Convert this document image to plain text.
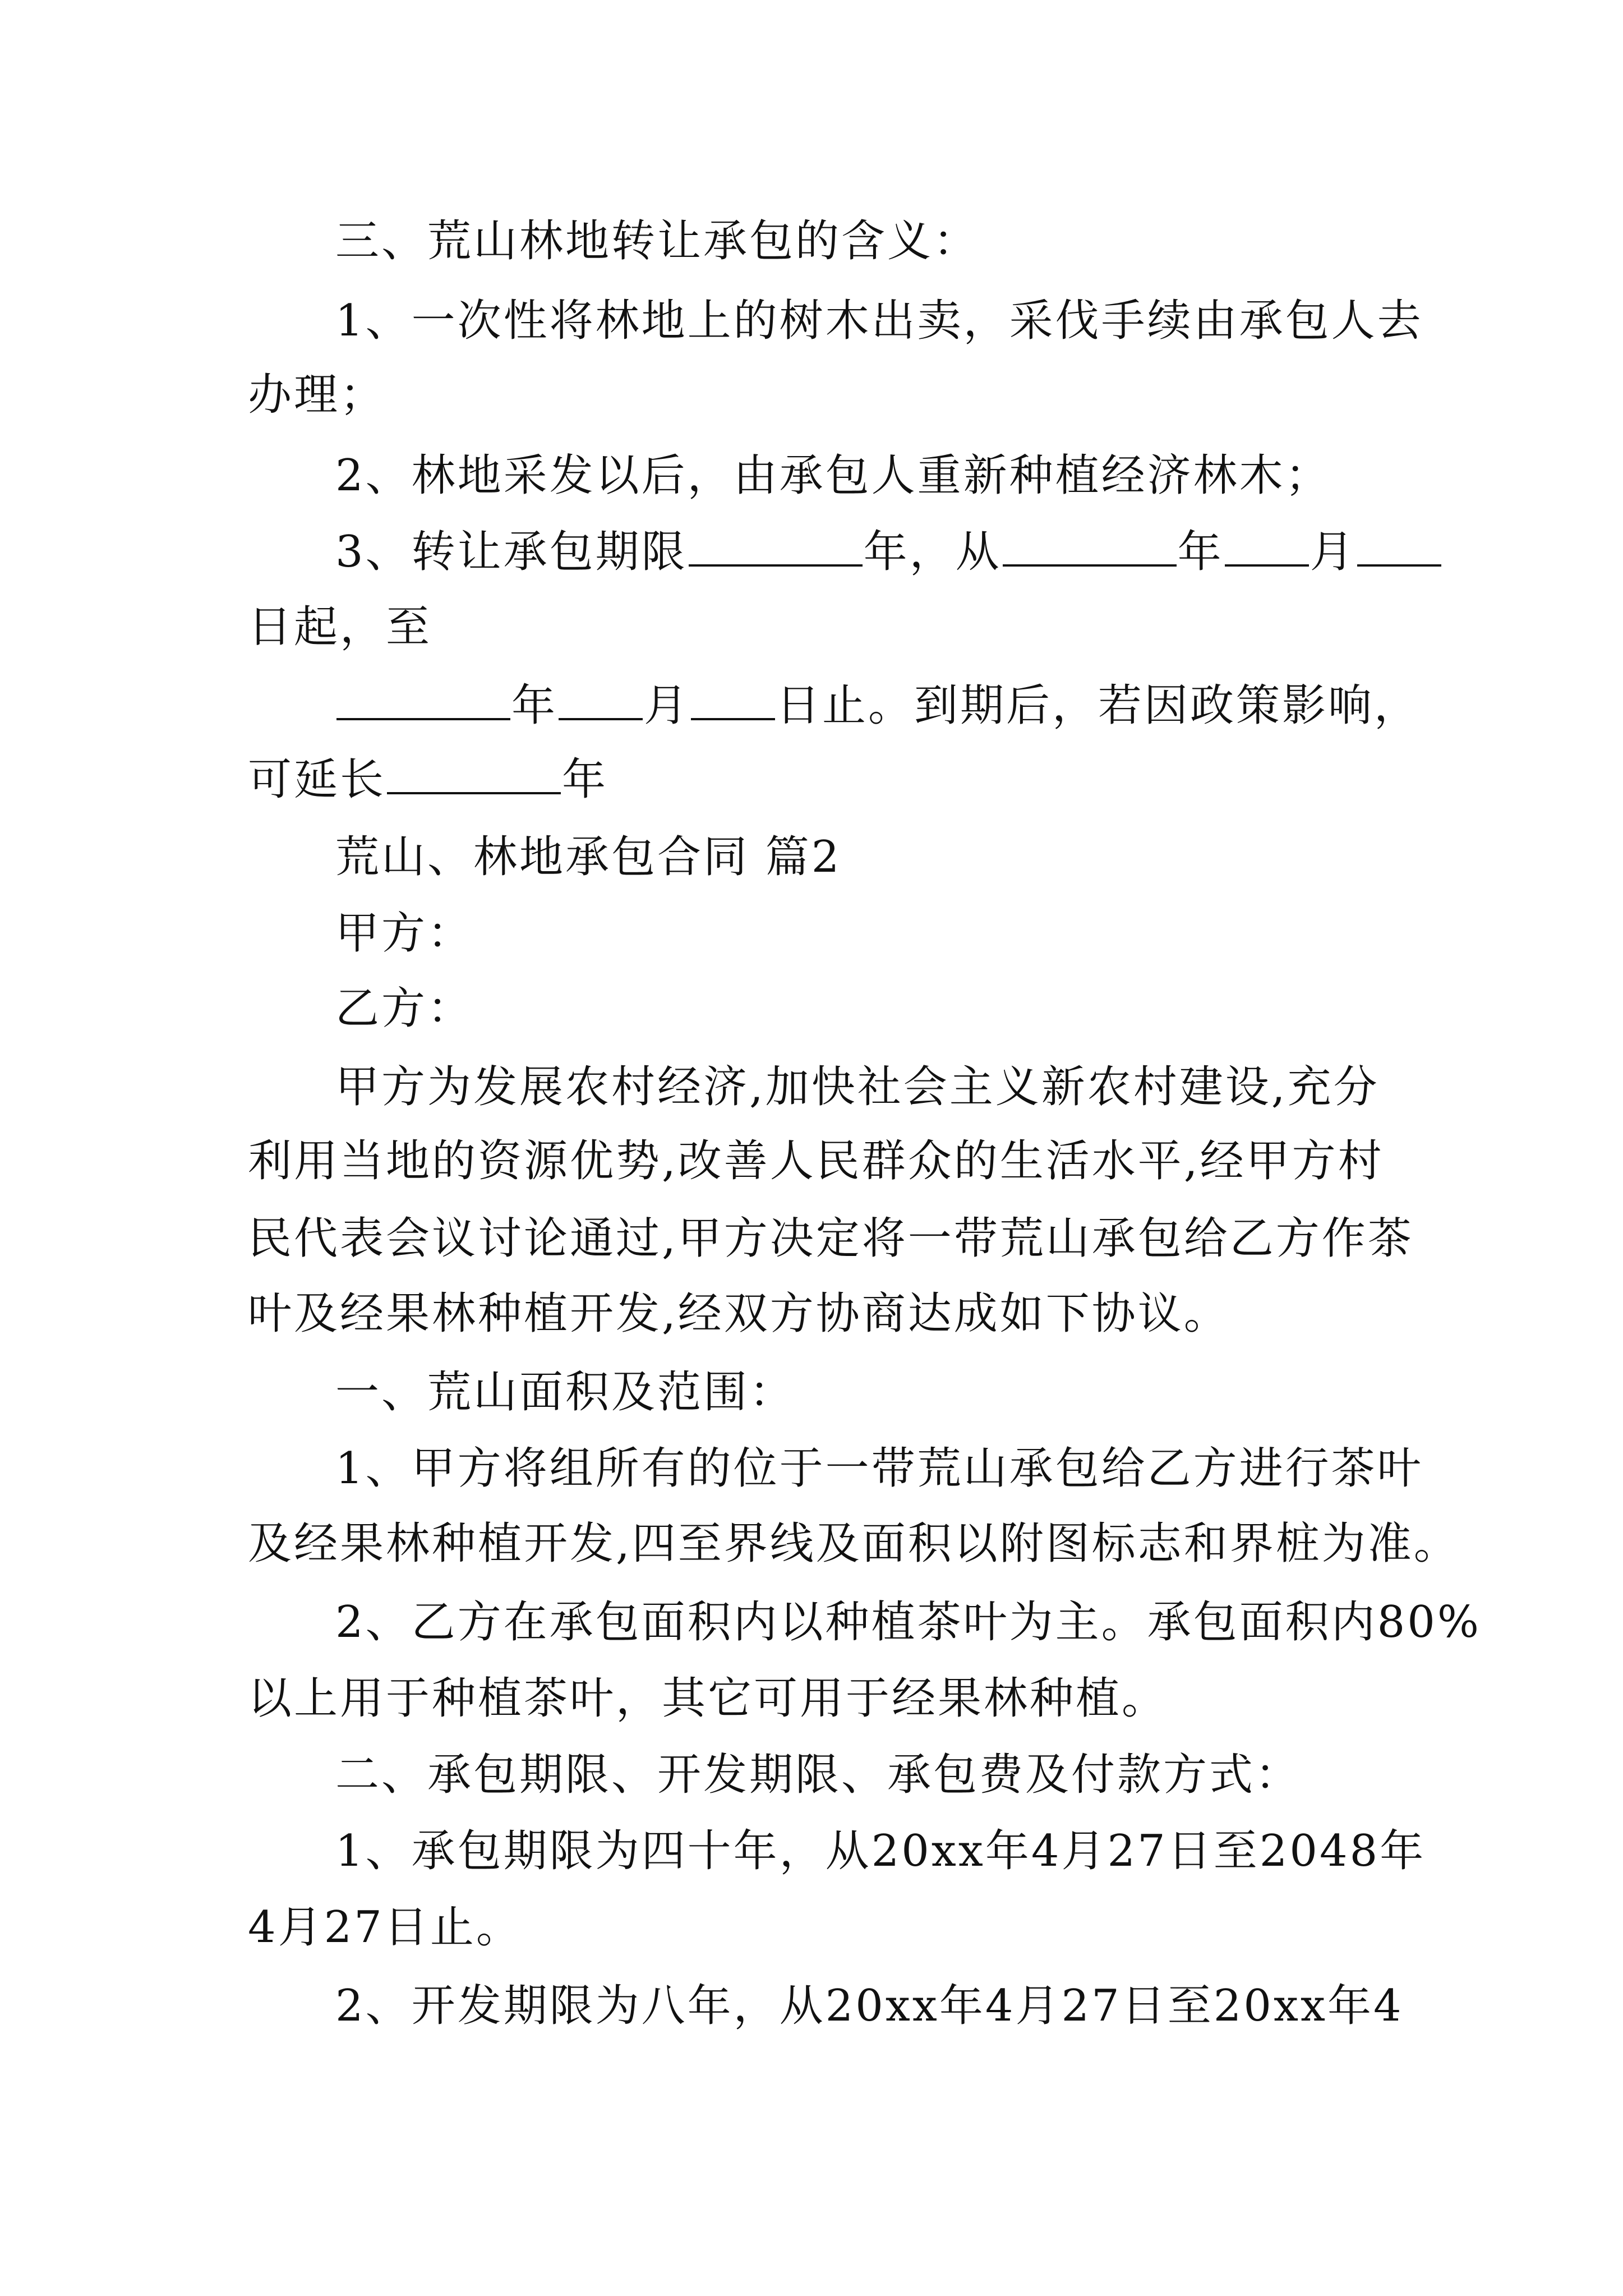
三、荒山林地转让承包的含义：
1、一次性将林地上的树木出卖，采伐手续由承包人去
办理；
2、林地采发以后，由承包人重新种植经济林木；
3、转让承包期限	年，从	年 月
日起，至
年 月 日止。到期后，若因政策影响，
可延长	年
荒山、林地承包合同 篇2
甲方：
乙方：
甲方为发展农村经济,加快社会主义新农村建设,充分
利用当地的资源优势,改善人民群众的生活水平,经甲方村
民代表会议讨论通过,甲方决定将一带荒山承包给乙方作茶
叶及经果林种植开发,经双方协商达成如下协议。
一、荒山面积及范围：
1、甲方将组所有的位于一带荒山承包给乙方进行茶叶
及经果林种植开发,四至界线及面积以附图标志和界桩为准。
2、乙方在承包面积内以种植茶叶为主。承包面积内80%
以上用于种植茶叶，其它可用于经果林种植。
二、承包期限、开发期限、承包费及付款方式：
1、承包期限为四十年，从20xx年4月27日至2048年
4月27日止。
2、开发期限为八年，从20xx年4月27日至20xx年4
